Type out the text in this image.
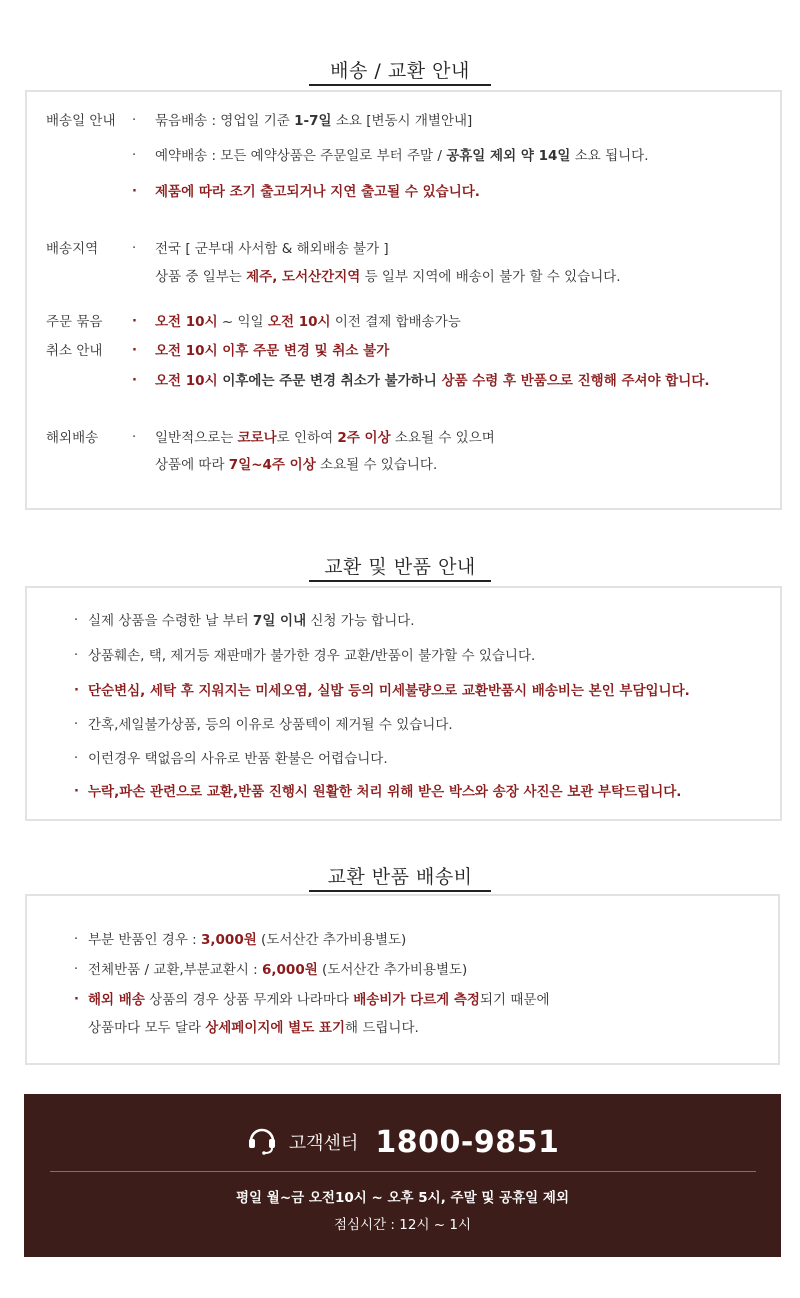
배송 / 교환 안내
배송일 안내 · 묶음배송 : 영업일 기준 1-7일 소요 [변동시 개별안내]
· 예약배송 : 모든 예약상품은 주문일로 부터 주말 / 공휴일 제외 약 14일 소요 됩니다.
· 제품에 따라 조기 출고되거나 지연 출고될 수 있습니다.
배송지역	· 전국 [ 군부대 사서함 & 해외배송 불가 ]
상품 중 일부는 제주, 도서산간지역 등 일부 지역에 배송이 불가 할 수 있습니다.
주문 묶음
취소 안내
· 오전 10시 ~ 익일 오전 10시 이전 결제 합배송가능
· 오전 10시 이후 주문 변경 및 취소 불가
· 오전 10시 이후에는 주문 변경 취소가 불가하니 상품 수령 후 반품으로 진행해 주셔야 합니다.
해외배송	· 일반적으로는 코로나로 인하여 2주 이상 소요될 수 있으며
상품에 따라 7일~4주 이상 소요될 수 있습니다.
교환 및 반품 안내
· 실제 상품을 수령한 날 부터 7일 이내 신청 가능 합니다.
· 상품훼손, 택, 제거등 재판매가 불가한 경우 교환/반품이 불가할 수 있습니다.
· 단순변심, 세탁 후 지워지는 미세오염, 실밥 등의 미세불량으로 교환반품시 배송비는 본인 부담입니다.
· 간혹,세일불가상품, 등의 이유로 상품텍이 제거될 수 있습니다.
· 이런경우 택없음의 사유로 반품 환불은 어렵습니다.
· 누락,파손 관련으로 교환,반품 진행시 원활한 처리 위해 받은 박스와 송장 사진은 보관 부탁드립니다.
교환 반품 배송비
· 부분 반품인 경우 : 3,000원 (도서산간 추가비용별도)
· 전체반품 / 교환,부분교환시 : 6,000원 (도서산간 추가비용별도)
· 해외 배송 상품의 경우 상품 무게와 나라마다 배송비가 다르게 측정되기 때문에
상품마다 모두 달라 상세페이지에 별도 표기해 드립니다.
고객센터 1800-9851
평일 월~금 오전10시 ~ 오후 5시, 주말 및 공휴일 제외
점심시간 : 12시 ~ 1시
